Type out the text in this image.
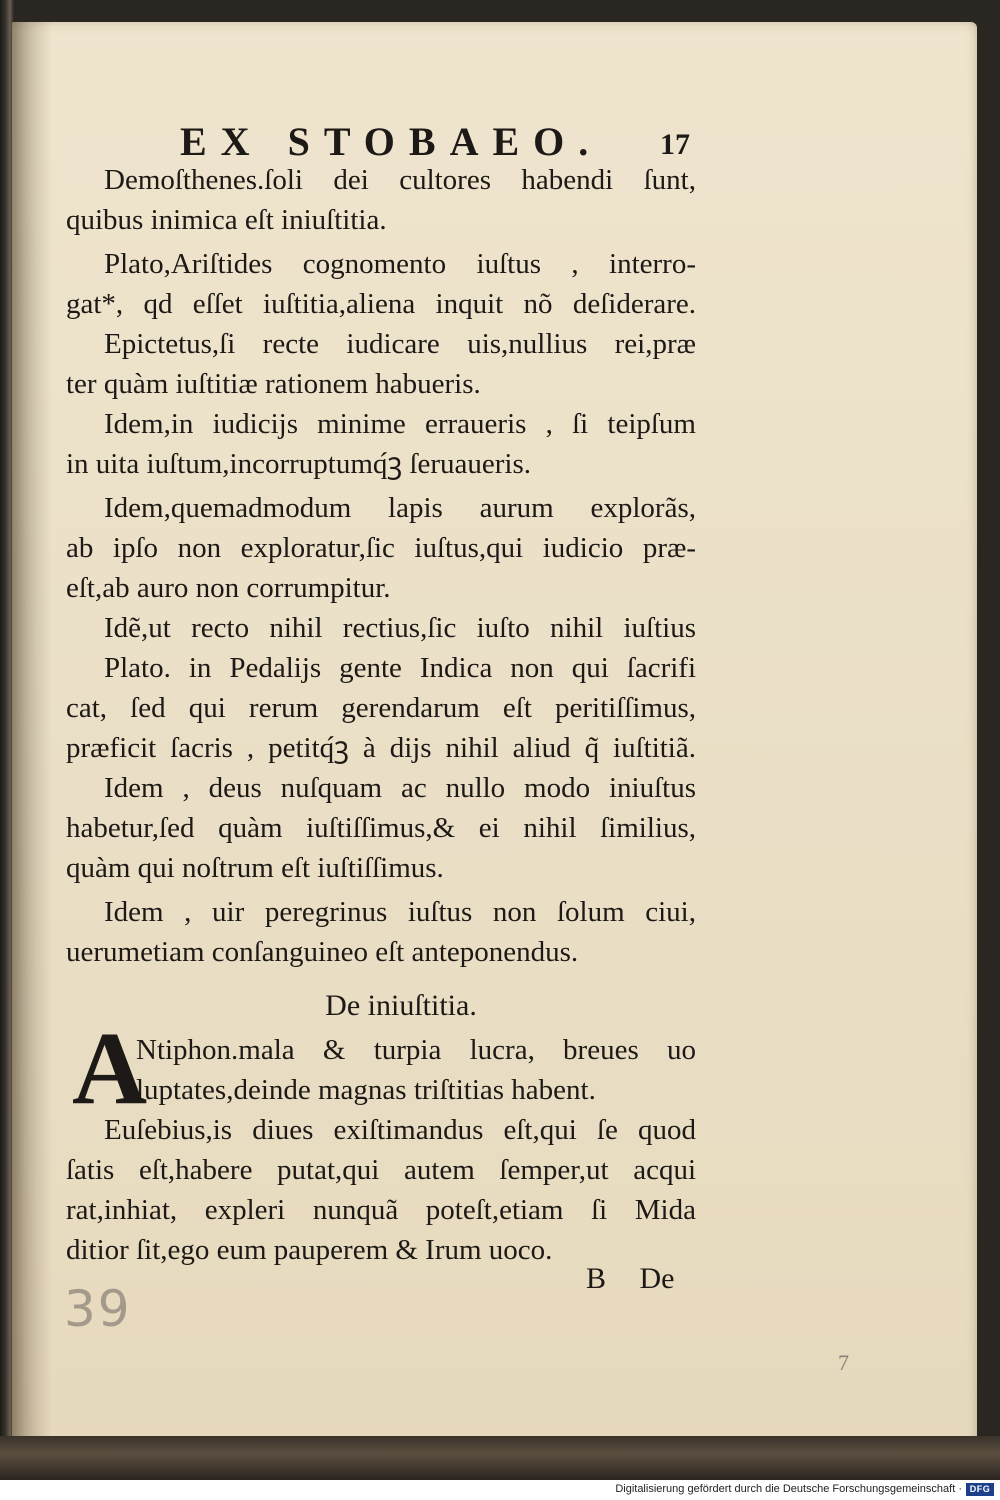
EX STOBAEO. 17
Demoſthenes.ſoli dei cultores habendi ſunt,
quibus inimica eſt iniuſtitia.
Plato,Ariſtides cognomento iuſtus , interro-
gat*, qd eſſet iuſtitia,aliena inquit nõ deſiderare.
Epictetus,ſi recte iudicare uis,nullius rei,præ
ter quàm iuſtitiæ rationem habueris.
Idem,in iudicijs minime erraueris , ſi teipſum
in uita iuſtum,incorruptumq́ꝫ ſeruaueris.
Idem,quemadmodum lapis aurum explorãs,
ab ipſo non exploratur,ſic iuſtus,qui iudicio præ-
eſt,ab auro non corrumpitur.
Idẽ,ut recto nihil rectius,ſic iuſto nihil iuſtius
Plato. in Pedalijs gente Indica non qui ſacrifi
cat, ſed qui rerum gerendarum eſt peritiſſimus,
præficit ſacris , petitq́ꝫ à dijs nihil aliud q̃ iuſtitiã.
Idem , deus nuſquam ac nullo modo iniuſtus
habetur,ſed quàm iuſtiſſimus,& ei nihil ſimilius,
quàm qui noſtrum eſt iuſtiſſimus.
Idem , uir peregrinus iuſtus non ſolum ciui,
uerumetiam conſanguineo eſt anteponendus.
De iniuſtitia.
A
Ntiphon.mala & turpia lucra, breues uo
luptates,deinde magnas triſtitias habent.
Euſebius,is diues exiſtimandus eſt,qui ſe quod
ſatis eſt,habere putat,qui autem ſemper,ut acqui
rat,inhiat, expleri nunquã poteſt,etiam ſi Mida
ditior ſit,ego eum pauperem & Irum uoco.
B De
39
7
Digitalisierung gefördert durch die Deutsche Forschungsgemeinschaft · DFG
